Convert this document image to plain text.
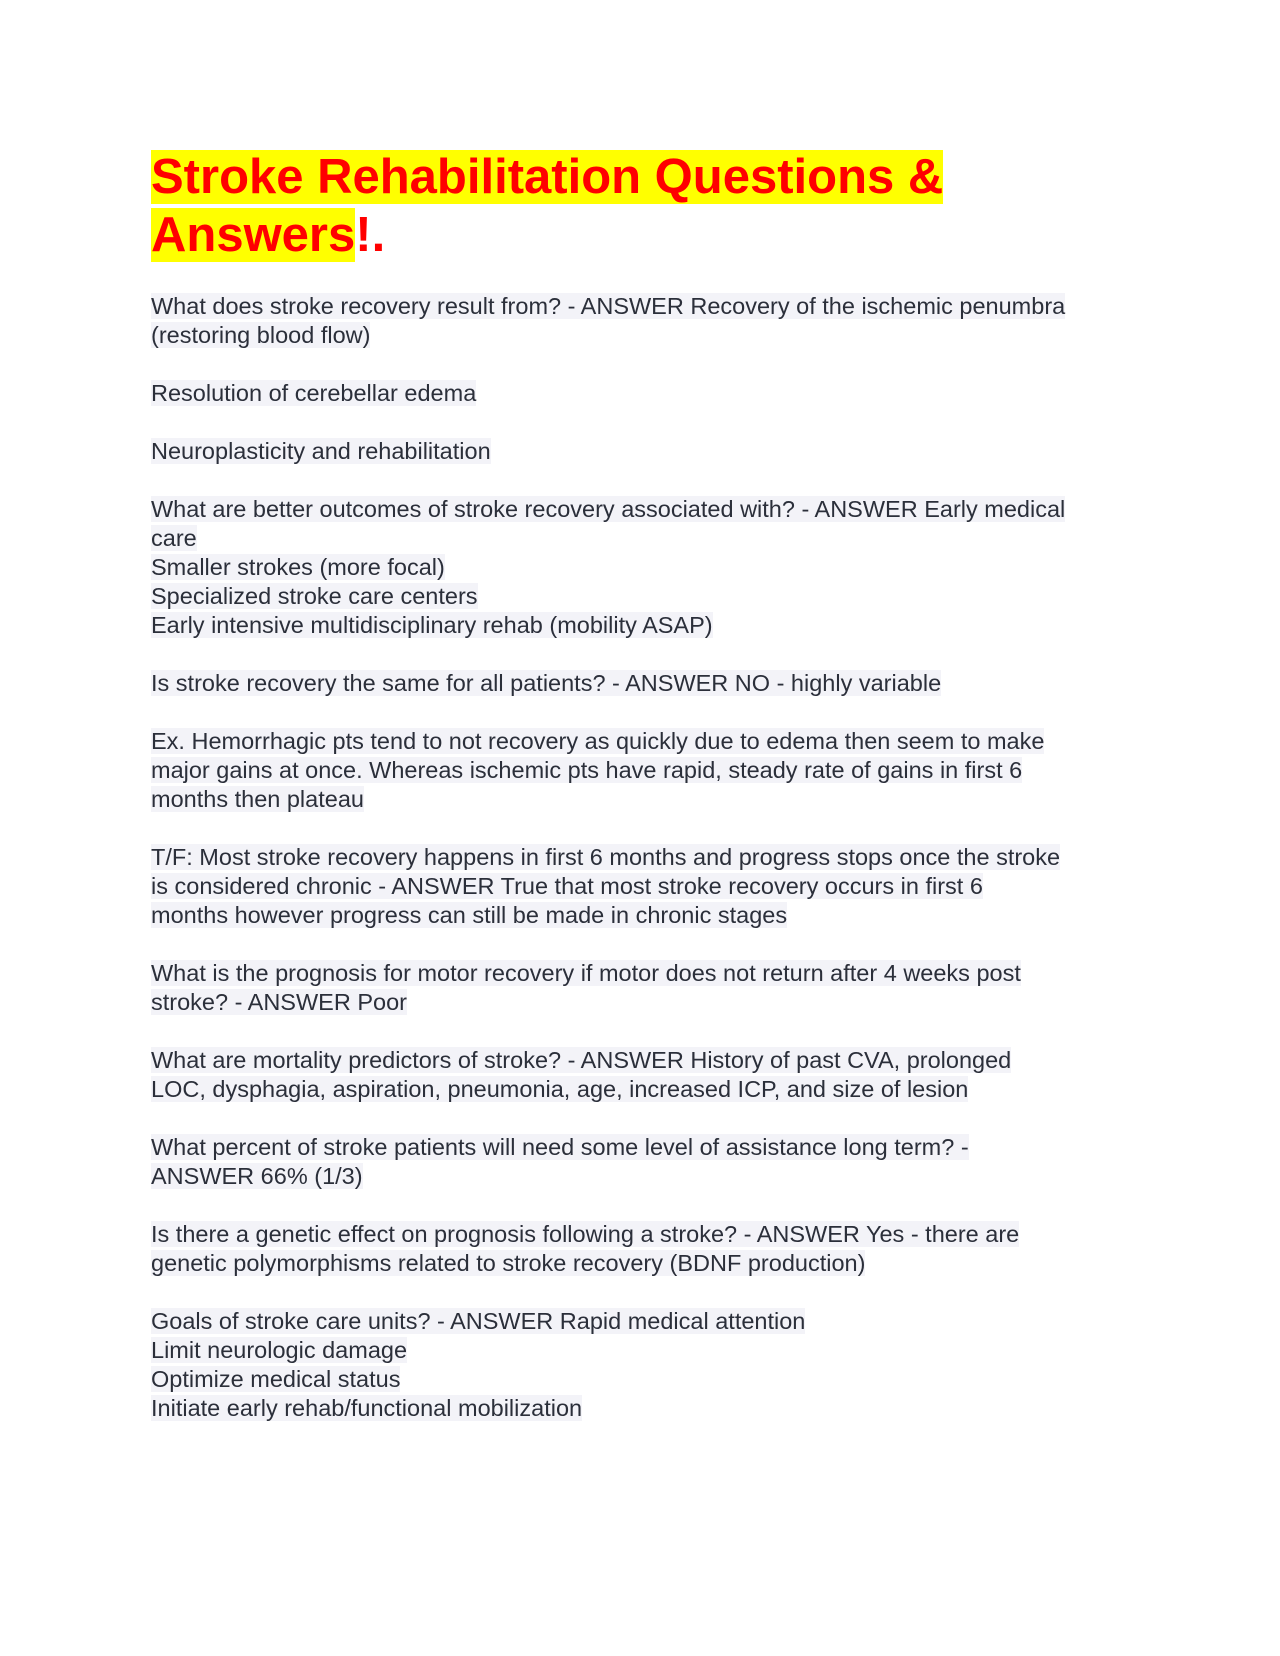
Stroke Rehabilitation Questions &
Answers!.
What does stroke recovery result from? - ANSWER Recovery of the ischemic penumbra
(restoring blood flow)
Resolution of cerebellar edema
Neuroplasticity and rehabilitation
What are better outcomes of stroke recovery associated with? - ANSWER Early medical
care
Smaller strokes (more focal)
Specialized stroke care centers
Early intensive multidisciplinary rehab (mobility ASAP)
Is stroke recovery the same for all patients? - ANSWER NO - highly variable
Ex. Hemorrhagic pts tend to not recovery as quickly due to edema then seem to make
major gains at once. Whereas ischemic pts have rapid, steady rate of gains in first 6
months then plateau
T/F: Most stroke recovery happens in first 6 months and progress stops once the stroke
is considered chronic - ANSWER True that most stroke recovery occurs in first 6
months however progress can still be made in chronic stages
What is the prognosis for motor recovery if motor does not return after 4 weeks post
stroke? - ANSWER Poor
What are mortality predictors of stroke? - ANSWER History of past CVA, prolonged
LOC, dysphagia, aspiration, pneumonia, age, increased ICP, and size of lesion
What percent of stroke patients will need some level of assistance long term? -
ANSWER 66% (1/3)
Is there a genetic effect on prognosis following a stroke? - ANSWER Yes - there are
genetic polymorphisms related to stroke recovery (BDNF production)
Goals of stroke care units? - ANSWER Rapid medical attention
Limit neurologic damage
Optimize medical status
Initiate early rehab/functional mobilization
